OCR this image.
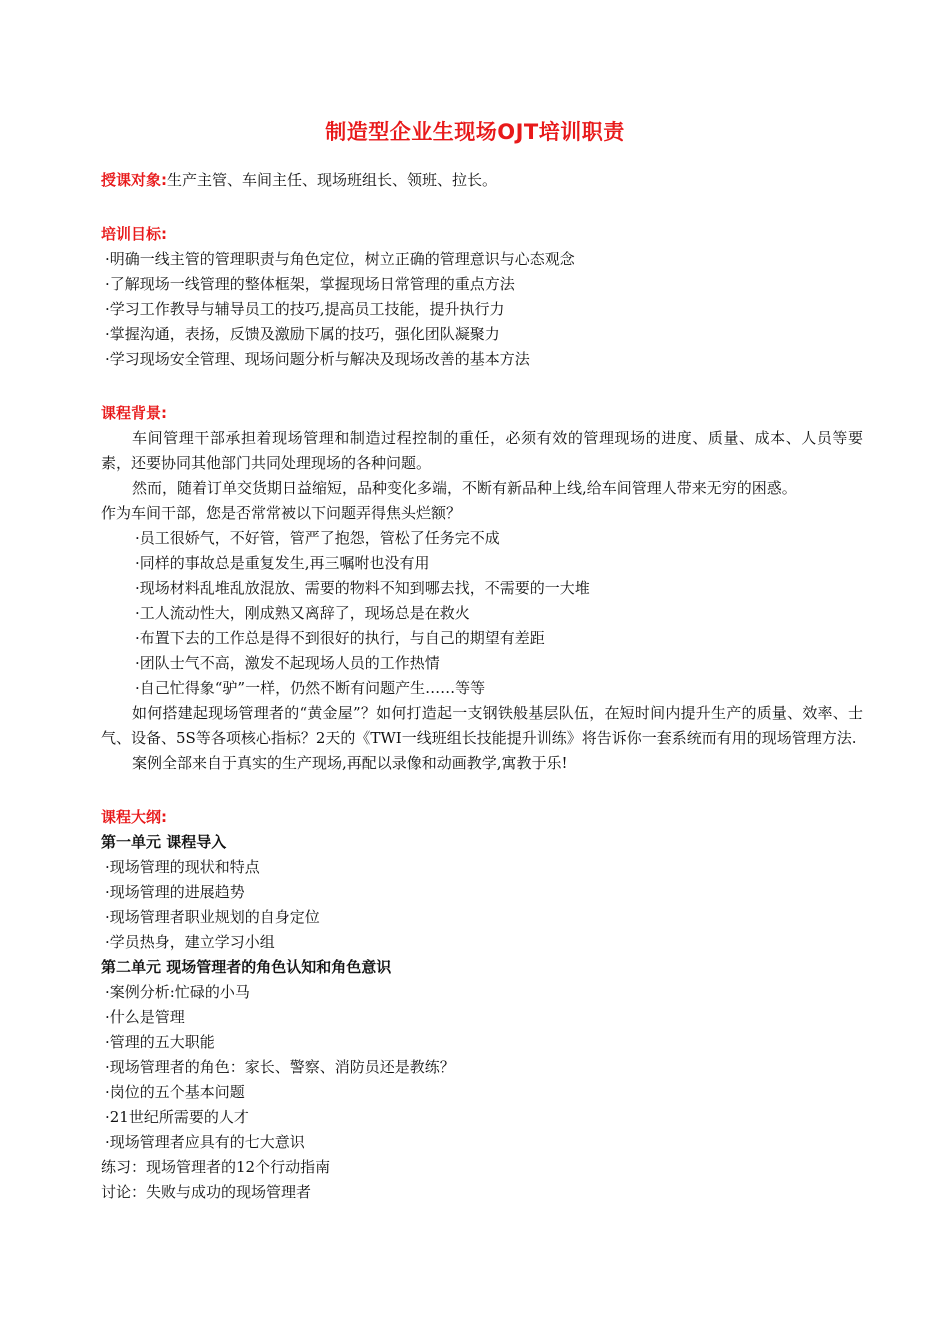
制造型企业生现场OJT培训职责
授课对象:生产主管、车间主任、现场班组长、领班、拉长。
培训目标:
·明确一线主管的管理职责与角色定位，树立正确的管理意识与心态观念
·了解现场一线管理的整体框架，掌握现场日常管理的重点方法
·学习工作教导与辅导员工的技巧,提高员工技能，提升执行力
·掌握沟通，表扬，反馈及激励下属的技巧，强化团队凝聚力
·学习现场安全管理、现场问题分析与解决及现场改善的基本方法
课程背景:

车间管理干部承担着现场管理和制造过程控制的重任，必须有效的管理现场的进度、质量、成本、人员等要素，还要协同其他部门共同处理现场的各种问题。

然而，随着订单交货期日益缩短，品种变化多端，不断有新品种上线,给车间管理人带来无穷的困惑。

作为车间干部，您是否常常被以下问题弄得焦头烂额？

·员工很娇气，不好管，管严了抱怨，管松了任务完不成
·同样的事故总是重复发生,再三嘱咐也没有用
·现场材料乱堆乱放混放、需要的物料不知到哪去找，不需要的一大堆
·工人流动性大，刚成熟又离辞了，现场总是在救火
·布置下去的工作总是得不到很好的执行，与自己的期望有差距
·团队士气不高，激发不起现场人员的工作热情
·自己忙得象“驴”一样，仍然不断有问题产生……等等

如何搭建起现场管理者的“黄金屋”？如何打造起一支钢铁般基层队伍，在短时间内提升生产的质量、效率、士气、设备、5S等各项核心指标？2天的《TWI一线班组长技能提升训练》将告诉你一套系统而有用的现场管理方法.

案例全部来自于真实的生产现场,再配以录像和动画教学,寓教于乐!

课程大纲:
第一单元 课程导入
·现场管理的现状和特点
·现场管理的进展趋势
·现场管理者职业规划的自身定位
·学员热身，建立学习小组
第二单元 现场管理者的角色认知和角色意识
·案例分析:忙碌的小马
·什么是管理
·管理的五大职能
·现场管理者的角色：家长、警察、消防员还是教练？
·岗位的五个基本问题
·21世纪所需要的人才
·现场管理者应具有的七大意识
练习：现场管理者的12个行动指南
讨论：失败与成功的现场管理者
